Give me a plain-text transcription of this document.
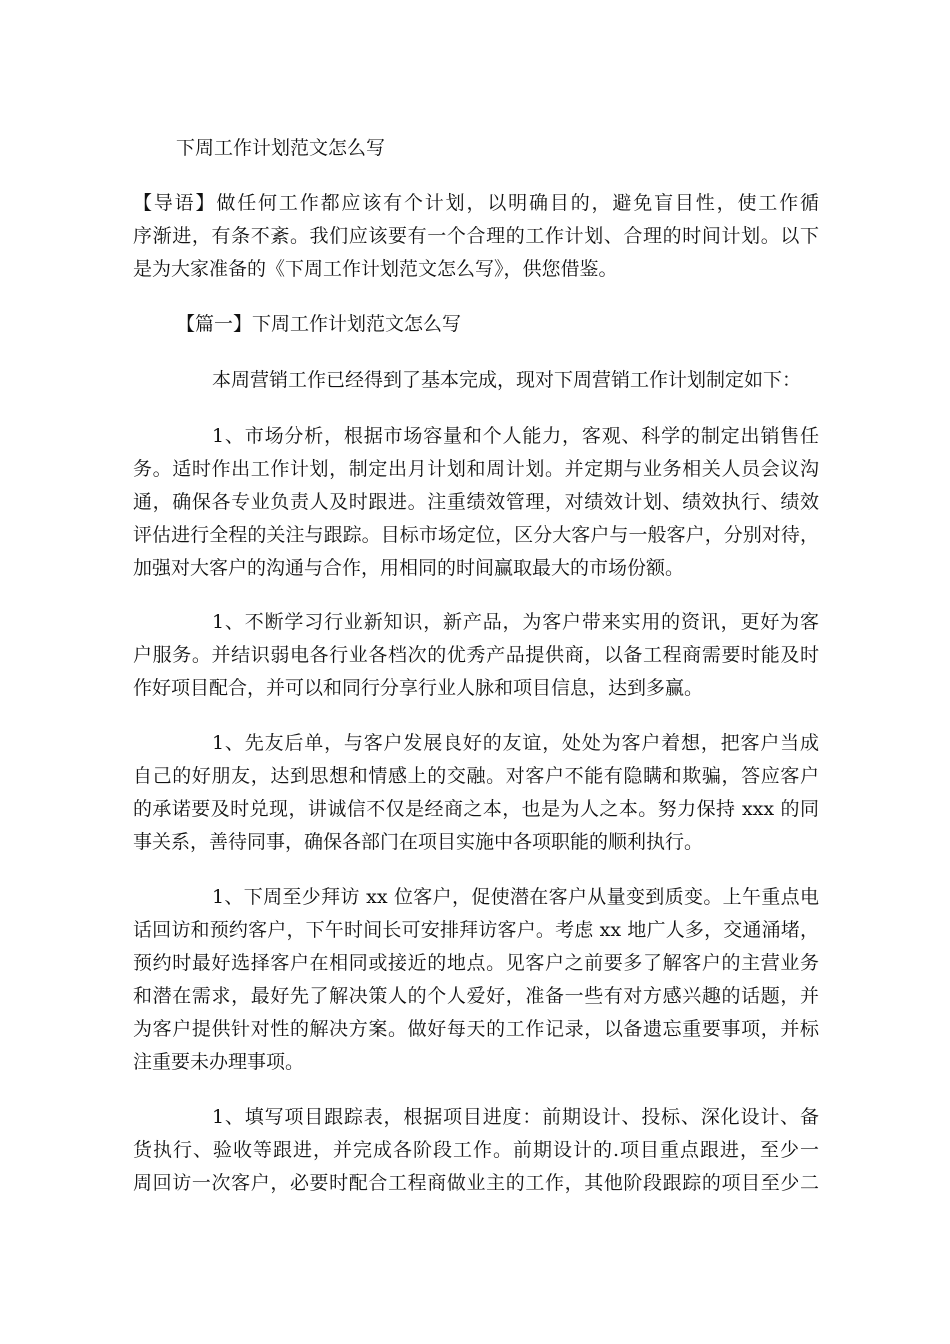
下周工作计划范文怎么写
【导语】做任何工作都应该有个计划，以明确目的，避免盲目性，使工作循
序渐进，有条不紊。我们应该要有一个合理的工作计划、合理的时间计划。以下
是为大家准备的《下周工作计划范文怎么写》，供您借鉴。
【篇一】下周工作计划范文怎么写
本周营销工作已经得到了基本完成，现对下周营销工作计划制定如下：
1、市场分析，根据市场容量和个人能力，客观、科学的制定出销售任
务。适时作出工作计划，制定出月计划和周计划。并定期与业务相关人员会议沟
通，确保各专业负责人及时跟进。注重绩效管理，对绩效计划、绩效执行、绩效
评估进行全程的关注与跟踪。目标市场定位，区分大客户与一般客户，分别对待，
加强对大客户的沟通与合作，用相同的时间赢取最大的市场份额。
1、不断学习行业新知识，新产品，为客户带来实用的资讯，更好为客
户服务。并结识弱电各行业各档次的优秀产品提供商，以备工程商需要时能及时
作好项目配合，并可以和同行分享行业人脉和项目信息，达到多赢。
1、先友后单，与客户发展良好的友谊，处处为客户着想，把客户当成
自己的好朋友，达到思想和情感上的交融。对客户不能有隐瞒和欺骗，答应客户
的承诺要及时兑现，讲诚信不仅是经商之本，也是为人之本。努力保持 xxx 的同
事关系，善待同事，确保各部门在项目实施中各项职能的顺利执行。
1、下周至少拜访 xx 位客户，促使潜在客户从量变到质变。上午重点电
话回访和预约客户，下午时间长可安排拜访客户。考虑 xx 地广人多，交通涌堵，
预约时最好选择客户在相同或接近的地点。见客户之前要多了解客户的主营业务
和潜在需求，最好先了解决策人的个人爱好，准备一些有对方感兴趣的话题，并
为客户提供针对性的解决方案。做好每天的工作记录，以备遗忘重要事项，并标
注重要未办理事项。
1、填写项目跟踪表，根据项目进度：前期设计、投标、深化设计、备
货执行、验收等跟进，并完成各阶段工作。前期设计的.项目重点跟进，至少一
周回访一次客户，必要时配合工程商做业主的工作，其他阶段跟踪的项目至少二
